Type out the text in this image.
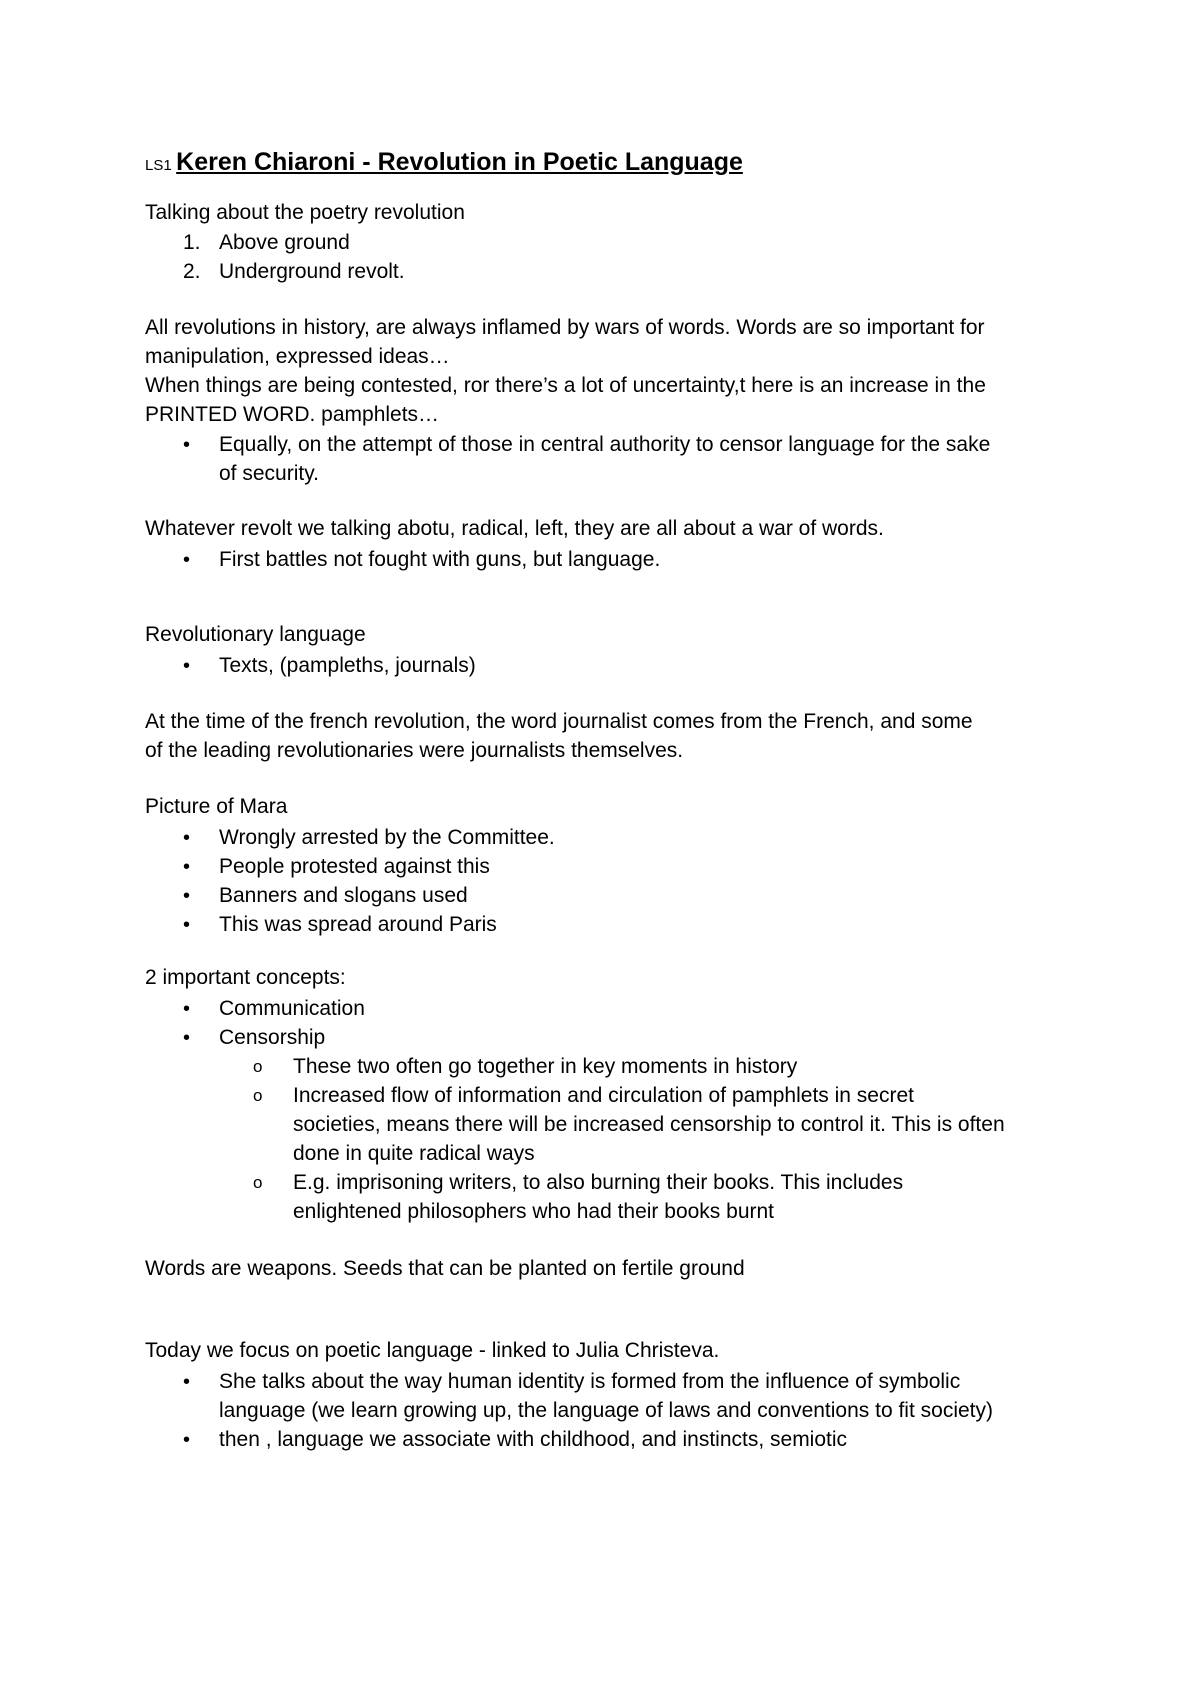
LS1 Keren Chiaroni - Revolution in Poetic Language
Talking about the poetry revolution
1. Above ground
2. Underground revolt.
All revolutions in history, are always inflamed by wars of words. Words are so important for
manipulation, expressed ideas…
When things are being contested, ror there’s a lot of uncertainty,t here is an increase in the
PRINTED WORD. pamphlets…
•
Equally, on the attempt of those in central authority to censor language for the sake
of security.
Whatever revolt we talking abotu, radical, left, they are all about a war of words.
•
First battles not fought with guns, but language.
Revolutionary language
•
Texts, (pampleths, journals)
At the time of the french revolution, the word journalist comes from the French, and some
of the leading revolutionaries were journalists themselves.
Picture of Mara
•
Wrongly arrested by the Committee.
•
People protested against this
•
Banners and slogans used
•
This was spread around Paris
2 important concepts:
•
Communication
•
Censorship
o	These two often go together in key moments in history
o	Increased flow of information and circulation of pamphlets in secret
societies, means there will be increased censorship to control it. This is often
done in quite radical ways
o	E.g. imprisoning writers, to also burning their books. This includes
enlightened philosophers who had their books burnt
Words are weapons. Seeds that can be planted on fertile ground
Today we focus on poetic language - linked to Julia Christeva.
•
She talks about the way human identity is formed from the influence of symbolic
language (we learn growing up, the language of laws and conventions to fit society)
•
then , language we associate with childhood, and instincts, semiotic
